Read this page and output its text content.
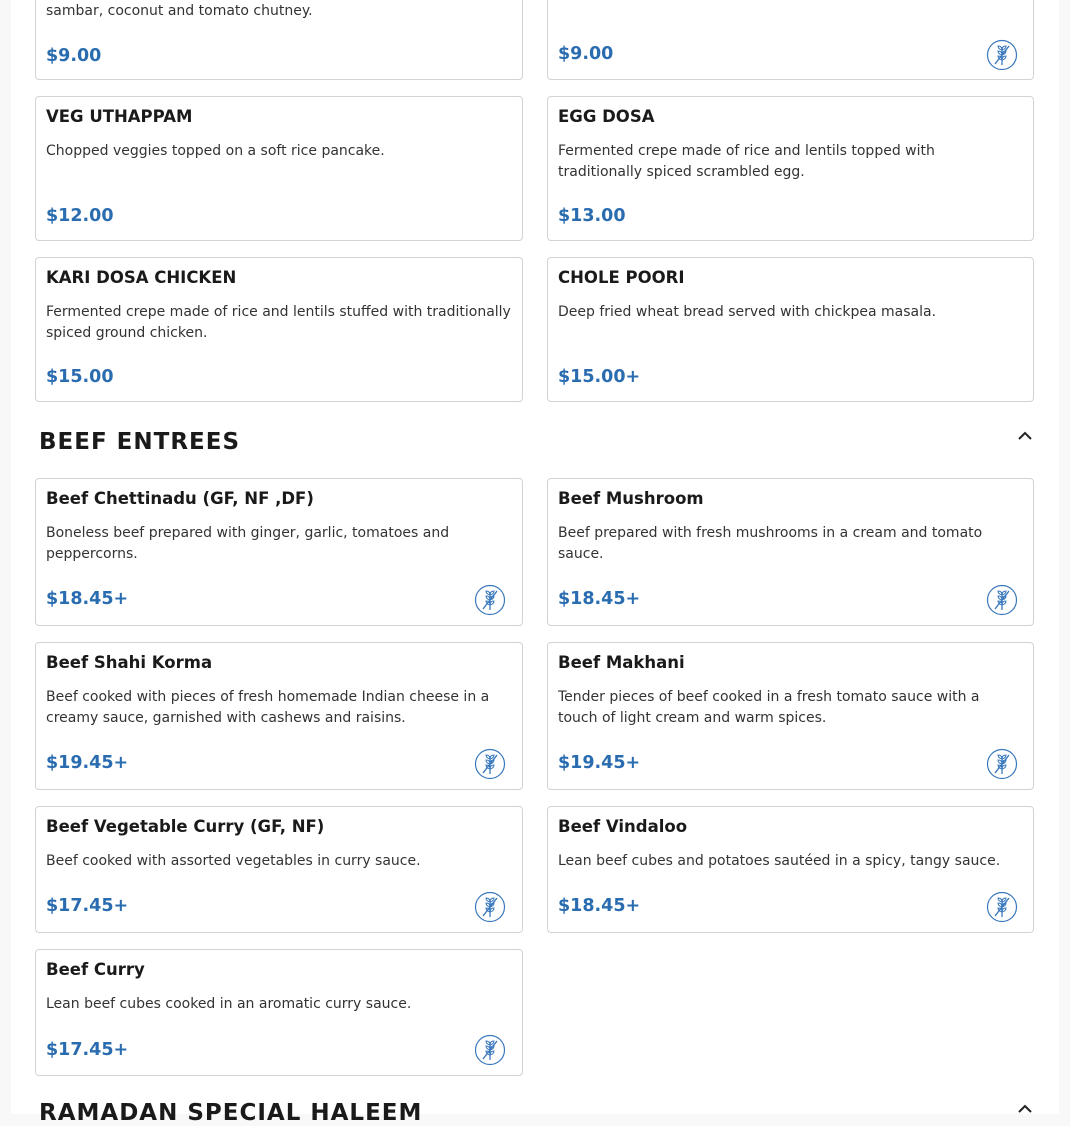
sambar, coconut and tomato chutney.
$9.00	$9.00
VEG UTHAPPAM
Chopped veggies topped on a soft rice pancake.
$12.00
EGG DOSA
Fermented crepe made of rice and lentils topped with traditionally spiced scrambled egg.
$13.00
KARI DOSA CHICKEN
Fermented crepe made of rice and lentils stuffed with traditionally spiced ground chicken.
$15.00
CHOLE POORI
Deep fried wheat bread served with chickpea masala.
$15.00+
BEEF ENTREES
Beef Chettinadu (GF, NF ,DF)
Boneless beef prepared with ginger, garlic, tomatoes and peppercorns.
$18.45+
Beef Mushroom
Beef prepared with fresh mushrooms in a cream and tomato sauce.
$18.45+
Beef Shahi Korma
Beef cooked with pieces of fresh homemade Indian cheese in a creamy sauce, garnished with cashews and raisins.
$19.45+
Beef Makhani
Tender pieces of beef cooked in a fresh tomato sauce with a touch of light cream and warm spices.
$19.45+
Beef Vegetable Curry (GF, NF)
Beef cooked with assorted vegetables in curry sauce.
$17.45+
Beef Vindaloo
Lean beef cubes and potatoes sautéed in a spicy, tangy sauce.
$18.45+
Beef Curry
Lean beef cubes cooked in an aromatic curry sauce.
$17.45+
RAMADAN SPECIAL HALEEM
